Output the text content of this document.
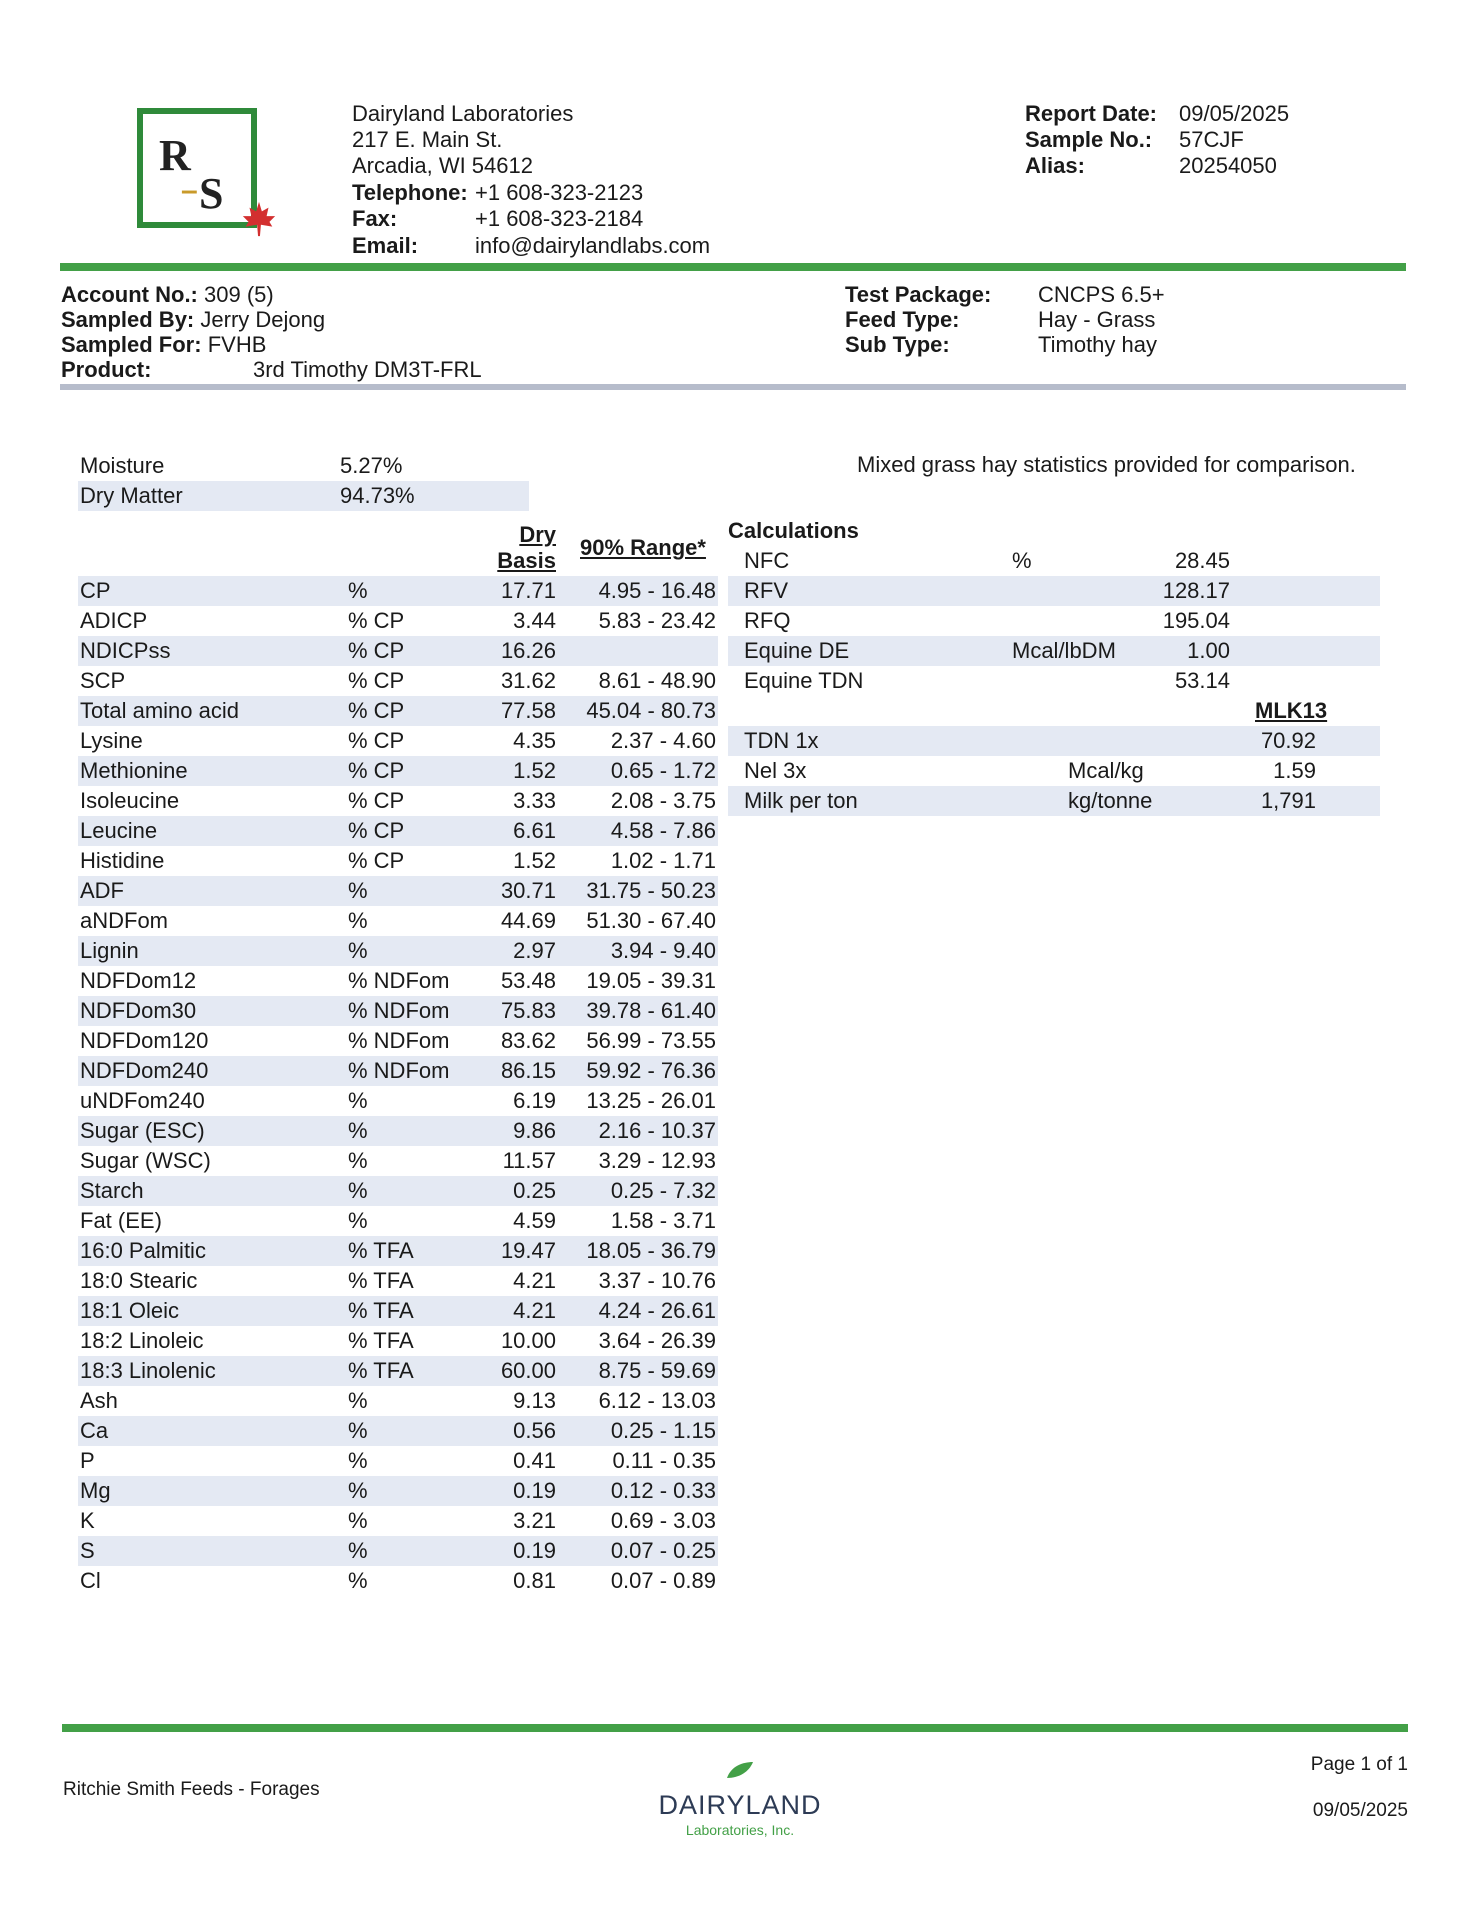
R
– S
Dairyland Laboratories
217 E. Main St.
Arcadia, WI 54612
Telephone: +1 608-323-2123
Fax:	+1 608-323-2184
Email:	info@dairylandlabs.com
Report Date: 09/05/2025
Sample No.: 57CJF
Alias:	20254050
Account No.: 309 (5)
Sampled By: Jerry Dejong
Sampled For: FVHB
Product:	3rd Timothy DM3T-FRL
Test Package: CNCPS 6.5+
Feed Type:	Hay - Grass
Sub Type:	Timothy hay
Moisture	5.27%
Dry Matter	94.73%
Mixed grass hay statistics provided for comparison.
Dry
Basis
90% Range*
CP	%	17.71	4.95 - 16.48
ADICP	% CP	3.44	5.83 - 23.42
NDICPss	% CP	16.26
SCP	% CP	31.62	8.61 - 48.90
Total amino acid	% CP	77.58	45.04 - 80.73
Lysine	% CP	4.35	2.37 - 4.60
Methionine	% CP	1.52	0.65 - 1.72
Isoleucine	% CP	3.33	2.08 - 3.75
Leucine	% CP	6.61	4.58 - 7.86
Histidine	% CP	1.52	1.02 - 1.71
ADF	%	30.71	31.75 - 50.23
aNDFom	%	44.69	51.30 - 67.40
Lignin	%	2.97	3.94 - 9.40
NDFDom12	% NDFom	53.48	19.05 - 39.31
NDFDom30	% NDFom	75.83	39.78 - 61.40
NDFDom120	% NDFom	83.62	56.99 - 73.55
NDFDom240	% NDFom	86.15	59.92 - 76.36
uNDFom240	%	6.19	13.25 - 26.01
Sugar (ESC)	%	9.86	2.16 - 10.37
Sugar (WSC)	%	11.57	3.29 - 12.93
Starch	%	0.25	0.25 - 7.32
Fat (EE)	%	4.59	1.58 - 3.71
16:0 Palmitic	% TFA	19.47	18.05 - 36.79
18:0 Stearic	% TFA	4.21	3.37 - 10.76
18:1 Oleic	% TFA	4.21	4.24 - 26.61
18:2 Linoleic	% TFA	10.00	3.64 - 26.39
18:3 Linolenic	% TFA	60.00	8.75 - 59.69
Ash	%	9.13	6.12 - 13.03
Ca	%	0.56	0.25 - 1.15
P	%	0.41	0.11 - 0.35
Mg	%	0.19	0.12 - 0.33
K	%	3.21	0.69 - 3.03
S	%	0.19	0.07 - 0.25
Cl	%	0.81	0.07 - 0.89
Calculations
NFC	%	28.45
RFV	128.17
RFQ	195.04
Equine DE	Mcal/lbDM	1.00
Equine TDN	53.14
MLK13
TDN 1x	70.92
Nel 3x	Mcal/kg	1.59
Milk per ton	kg/tonne	1,791
Ritchie Smith Feeds - Forages
DAIRYLAND
Laboratories, Inc.
Page 1 of 1
09/05/2025
